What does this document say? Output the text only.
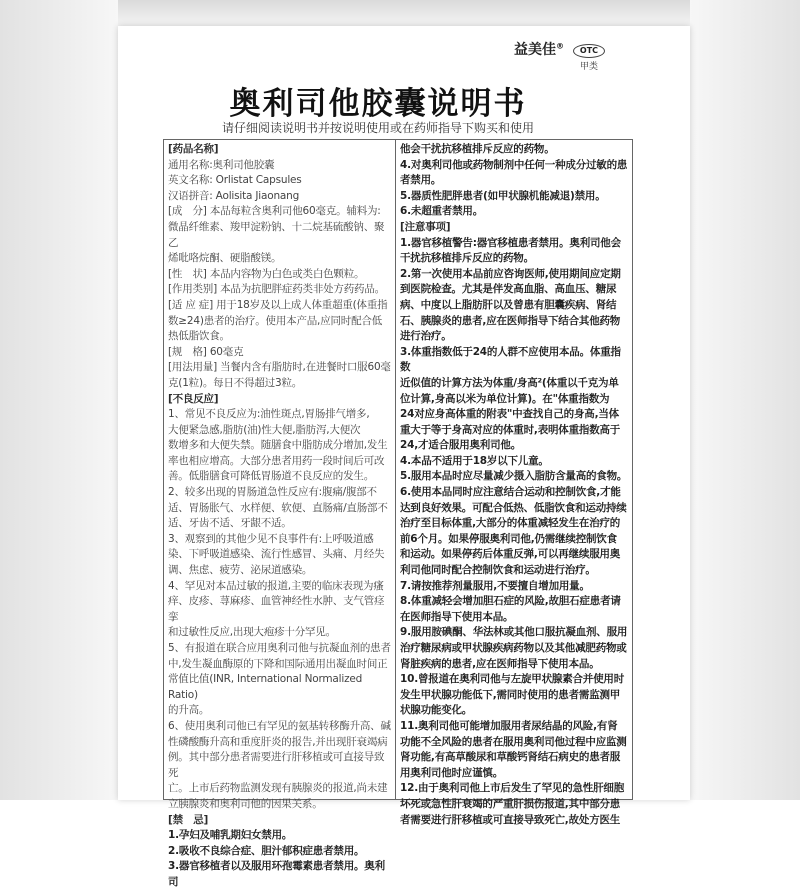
益美佳®
OTC
甲类
奥利司他胶囊说明书
请仔细阅读说明书并按说明使用或在药师指导下购买和使用

[药品名称]

通用名称:奥利司他胶囊

英文名称: Orlistat Capsules

汉语拼音: Aolisita Jiaonang

[成　分] 本品每粒含奥利司他60毫克。辅料为:

微晶纤维素、羧甲淀粉钠、十二烷基硫酸钠、聚乙

烯吡咯烷酮、硬脂酸镁。

[性　状] 本品内容物为白色或类白色颗粒。

[作用类别] 本品为抗肥胖症药类非处方药药品。

[适 应 症] 用于18岁及以上成人体重超重(体重指

数≥24)患者的治疗。使用本产品,应同时配合低

热低脂饮食。

[规　格] 60毫克

[用法用量] 当餐内含有脂肪时,在进餐时口服60毫

克(1粒)。每日不得超过3粒。

[不良反应]

1、常见不良反应为:油性斑点,胃肠排气增多,

大便紧急感,脂肪(油)性大便,脂肪泻,大便次

数增多和大便失禁。随膳食中脂肪成分增加,发生

率也相应增高。大部分患者用药一段时间后可改

善。低脂膳食可降低胃肠道不良反应的发生。

2、较多出现的胃肠道急性反应有:腹痛/腹部不

适、胃肠胀气、水样便、软便、直肠痛/直肠部不

适、牙齿不适、牙龈不适。

3、观察到的其他少见不良事件有:上呼吸道感

染、下呼吸道感染、流行性感冒、头痛、月经失

调、焦虑、疲劳、泌尿道感染。

4、罕见对本品过敏的报道,主要的临床表现为瘙

痒、皮疹、荨麻疹、血管神经性水肿、支气管痉挛

和过敏性反应,出现大疱疹十分罕见。

5、有报道在联合应用奥利司他与抗凝血剂的患者

中,发生凝血酶原的下降和国际通用出凝血时间正

常值比值(INR, International Normalized Ratio)

的升高。

6、使用奥利司他已有罕见的氨基转移酶升高、碱

性磷酸酶升高和重度肝炎的报告,并出现肝衰竭病

例。其中部分患者需要进行肝移植或可直接导致死

亡。上市后药物监测发现有胰腺炎的报道,尚未建

立胰腺炎和奥利司他的因果关系。

[禁　忌]

1.孕妇及哺乳期妇女禁用。

2.吸收不良综合症、胆汁郁积症患者禁用。

3.器官移植者以及服用环孢霉素患者禁用。奥利司

他会干扰抗移植排斥反应的药物。

4.对奥利司他或药物制剂中任何一种成分过敏的患

者禁用。

5.器质性肥胖患者(如甲状腺机能减退)禁用。

6.未超重者禁用。

[注意事项]

1.器官移植警告:器官移植患者禁用。奥利司他会

干扰抗移植排斥反应的药物。

2.第一次使用本品前应咨询医师,使用期间应定期

到医院检查。尤其是伴发高血脂、高血压、糖尿

病、中度以上脂肪肝以及曾患有胆囊疾病、肾结

石、胰腺炎的患者,应在医师指导下结合其他药物

进行治疗。

3.体重指数低于24的人群不应使用本品。体重指数

近似值的计算方法为体重/身高²(体重以千克为单

位计算,身高以米为单位计算)。在"体重指数为

24对应身高体重的附表"中查找自己的身高,当体

重大于等于身高对应的体重时,表明体重指数高于

24,才适合服用奥利司他。

4.本品不适用于18岁以下儿童。

5.服用本品时应尽量减少摄入脂肪含量高的食物。

6.使用本品同时应注意结合运动和控制饮食,才能

达到良好效果。可配合低热、低脂饮食和运动持续

治疗至目标体重,大部分的体重减轻发生在治疗的

前6个月。如果停服奥利司他,仍需继续控制饮食

和运动。如果停药后体重反弹,可以再继续服用奥

利司他同时配合控制饮食和运动进行治疗。

7.请按推荐剂量服用,不要擅自增加用量。

8.体重减轻会增加胆石症的风险,故胆石症患者请

在医师指导下使用本品。

9.服用胺碘酮、华法林或其他口服抗凝血剂、服用

治疗糖尿病或甲状腺疾病药物以及其他减肥药物或

肾脏疾病的患者,应在医师指导下使用本品。

10.曾报道在奥利司他与左旋甲状腺素合并使用时

发生甲状腺功能低下,需同时使用的患者需监测甲

状腺功能变化。

11.奥利司他可能增加服用者尿结晶的风险,有肾

功能不全风险的患者在服用奥利司他过程中应监测

肾功能,有高草酸尿和草酸钙肾结石病史的患者服

用奥利司他时应谨慎。

12.由于奥利司他上市后发生了罕见的急性肝细胞

坏死或急性肝衰竭的严重肝损伤报道,其中部分患

者需要进行肝移植或可直接导致死亡,故处方医生
